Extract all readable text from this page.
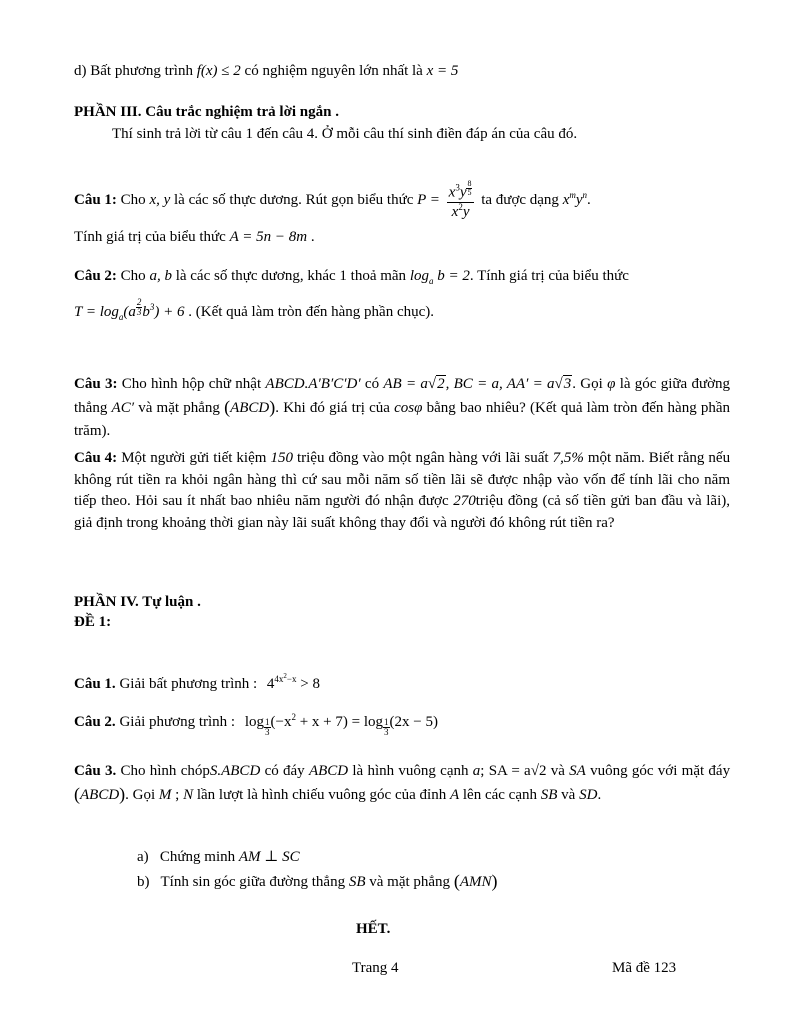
d) Bất phương trình f(x) ≤ 2 có nghiệm nguyên lớn nhất là x = 5
PHẦN III. Câu trắc nghiệm trả lời ngắn .
Thí sinh trả lời từ câu 1 đến câu 4. Ở mỗi câu thí sinh điền đáp án của câu đó.
Câu 1: Cho x, y là các số thực dương. Rút gọn biểu thức $P = x^3y$ $^{\frac{8}{5}}$
$x^2y$ ta được dạng $x^my^n$.
Tính giá trị của biểu thức A = 5n − 8m .
Câu 2: Cho a, b là các số thực dương, khác 1 thoả mãn $\log_a b = 2$. Tính giá trị của biểu thức
$T = \log_a(a$ $^{\frac{2}{3}}$ $b^3) + 6$ . (Kết quả làm tròn đến hàng phần chục).
Câu 3: Cho hình hộp chữ nhật ABCD.A′B′C′D′ có AB = a√2, BC = a, AA′ = a√3. Gọi φ là góc giữa đường thẳng AC′ và mặt phẳng (ABCD). Khi đó giá trị của cosφ bằng bao nhiêu? (Kết quả làm tròn đến hàng phần trăm).
Câu 4: Một người gửi tiết kiệm 150 triệu đồng vào một ngân hàng với lãi suất 7,5% một năm. Biết rằng nếu không rút tiền ra khỏi ngân hàng thì cứ sau mỗi năm số tiền lãi sẽ được nhập vào vốn để tính lãi cho năm tiếp theo. Hỏi sau ít nhất bao nhiêu năm người đó nhận được 270triệu đồng (cả số tiền gửi ban đầu và lãi), giả định trong khoảng thời gian này lãi suất không thay đổi và người đó không rút tiền ra?
PHẦN IV. Tự luận .
ĐỀ 1:
Câu 1. Giải bất phương trình : $4^{4x^2-x} > 8$
Câu 2. Giải phương trình : log $_{\frac{1}{3}}$ $(-x^2 + x + 7) = \log _{\frac{1}{3}}$ (2x − 5)
Câu 3. Cho hình chópS.ABCD có đáy ABCD là hình vuông cạnh a; SA = a√2 và SA vuông góc với mặt đáy (ABCD). Gọi M ; N lần lượt là hình chiếu vuông góc của đỉnh A lên các cạnh SB và SD.
a) Chứng minh AM ⊥ SC
b) Tính sin góc giữa đường thẳng SB và mặt phẳng (AMN)
HẾT.
Trang 4	Mã đề 123
